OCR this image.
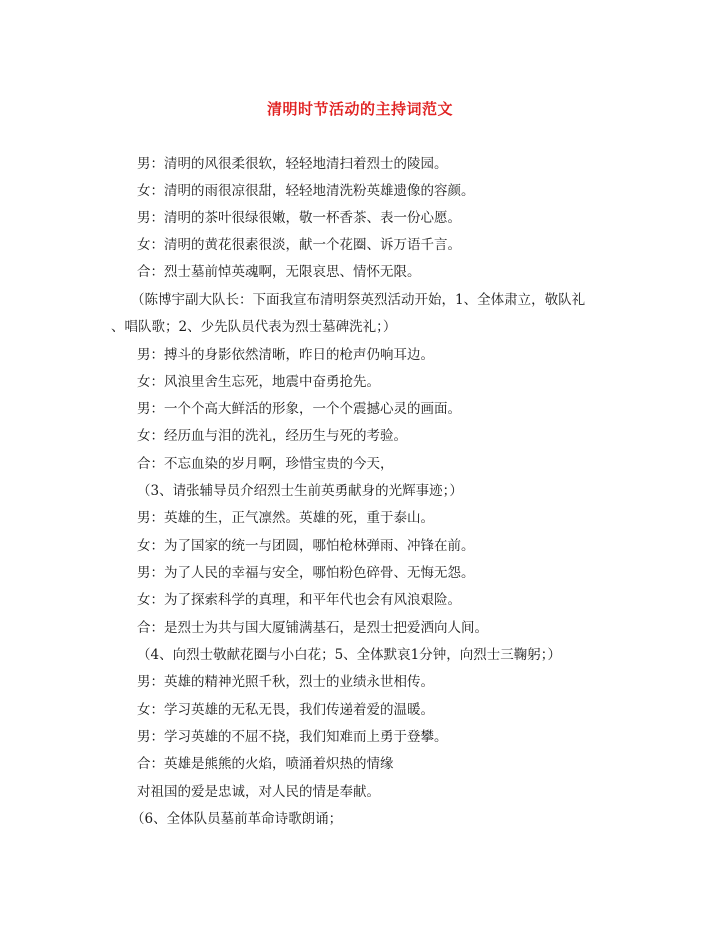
清明时节活动的主持词范文

男：清明的风很柔很软，轻轻地清扫着烈士的陵园。

女：清明的雨很凉很甜，轻轻地清洗粉英雄遗像的容颜。

男：清明的茶叶很绿很嫩，敬一杯香茶、表一份心愿。

女：清明的黄花很素很淡，献一个花圈、诉万语千言。

合：烈士墓前悼英魂啊，无限哀思、情怀无限。

（陈博宇副大队长：下面我宣布清明祭英烈活动开始，1、全体肃立，敬队礼

、唱队歌；2、少先队员代表为烈士墓碑洗礼；）

男：搏斗的身影依然清晰，昨日的枪声仍响耳边。

女：风浪里舍生忘死，地震中奋勇抢先。

男：一个个高大鲜活的形象，一个个震撼心灵的画面。

女：经历血与泪的洗礼，经历生与死的考验。

合：不忘血染的岁月啊，珍惜宝贵的今天，

（3、请张辅导员介绍烈士生前英勇献身的光辉事迹；）

男：英雄的生，正气凛然。英雄的死，重于泰山。

女：为了国家的统一与团圆，哪怕枪林弹雨、冲锋在前。

男：为了人民的幸福与安全，哪怕粉色碎骨、无悔无怨。

女：为了探索科学的真理，和平年代也会有风浪艰险。

合：是烈士为共与国大厦铺满基石，是烈士把爱洒向人间。

（4、向烈士敬献花圈与小白花；5、全体默哀1分钟，向烈士三鞠躬；）

男：英雄的精神光照千秋，烈士的业绩永世相传。

女：学习英雄的无私无畏，我们传递着爱的温暖。

男：学习英雄的不屈不挠，我们知难而上勇于登攀。

合：英雄是熊熊的火焰，喷涌着炽热的情缘

对祖国的爱是忠诚，对人民的情是奉献。

（6、全体队员墓前革命诗歌朗诵；
